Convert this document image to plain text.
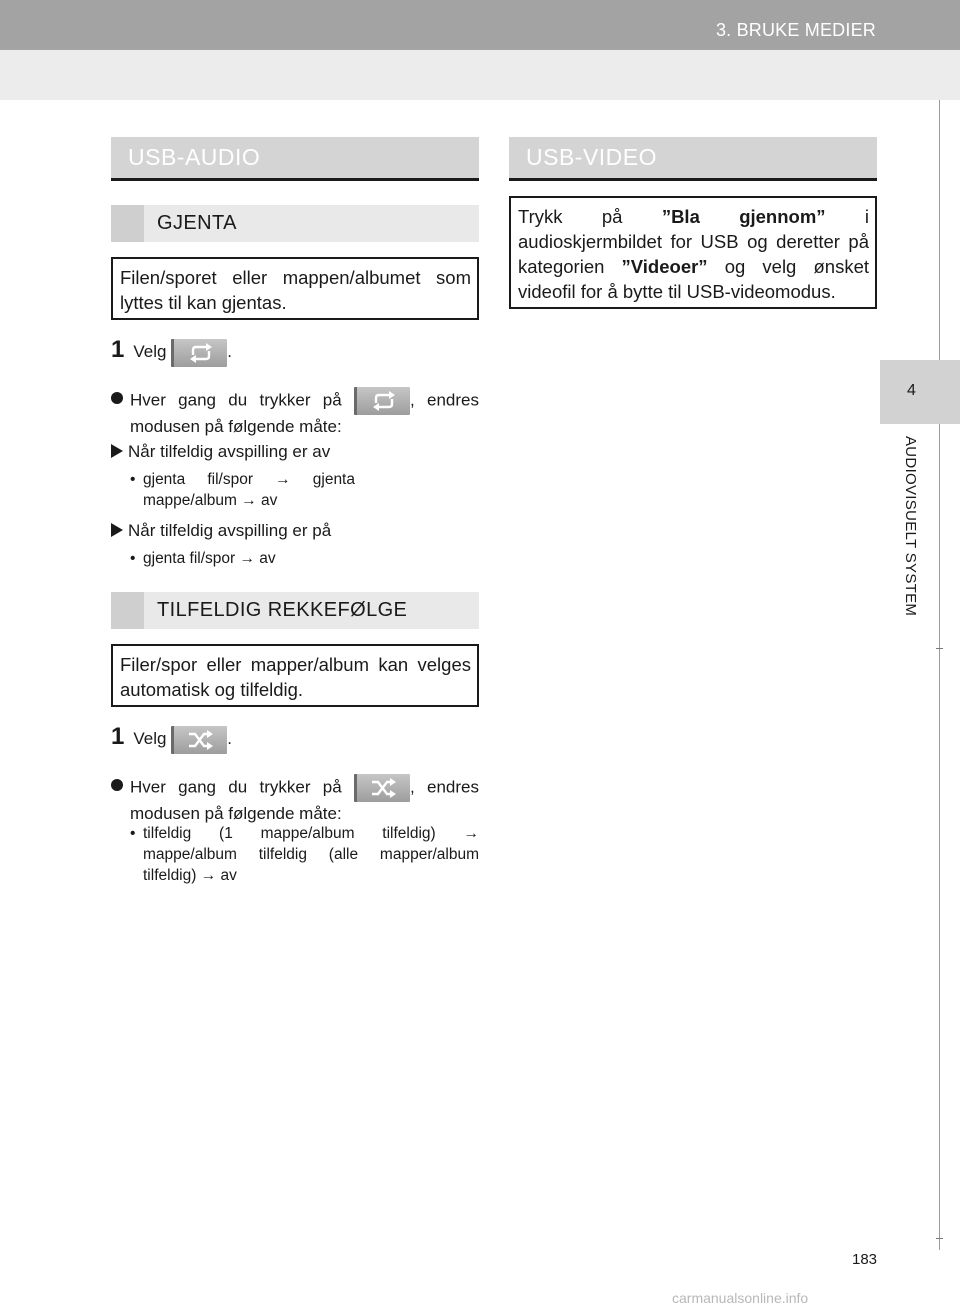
3. BRUKE MEDIER
4
AUDIOVISUELT SYSTEM
USB-AUDIO
GJENTA
Filen/sporet eller mappen/albumet som lyttes til kan gjentas.
1 Velg	.
Hver gang du trykker på	, endres modusen på følgende måte:
Når tilfeldig avspilling er av
• gjenta fil/spor → gjenta mappe/album → av
Når tilfeldig avspilling er på
• gjenta fil/spor → av
TILFELDIG REKKEFØLGE
Filer/spor eller mapper/album kan velges automatisk og tilfeldig.
1 Velg	.
Hver gang du trykker på	, endres modusen på følgende måte:
• tilfeldig (1 mappe/album tilfeldig) → mappe/album tilfeldig (alle mapper/album tilfeldig) → av
USB-VIDEO
Trykk på ”Bla gjennom” i audioskjermbildet for USB og deretter på kategorien ”Videoer” og velg ønsket videofil for å bytte til USB-videomodus.
183
carmanualsonline.info
